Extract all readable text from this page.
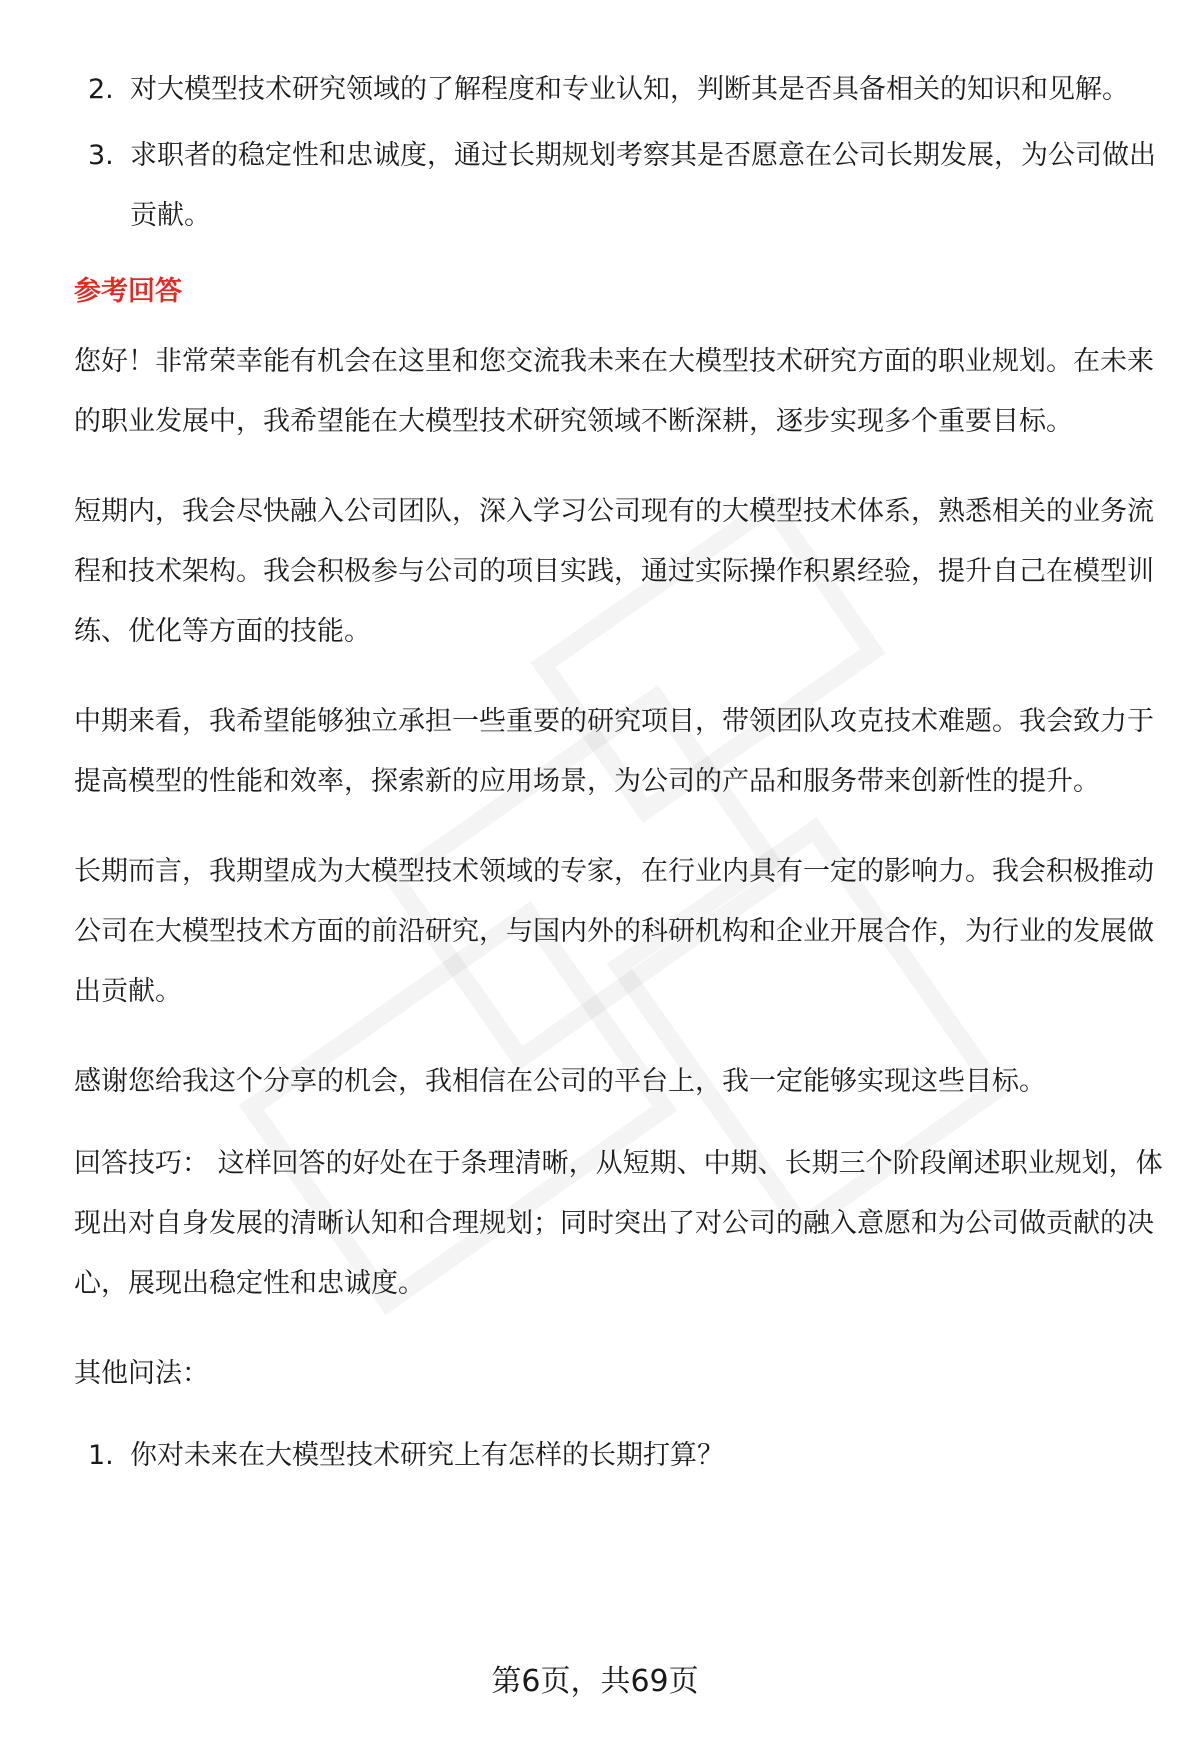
2. 对大模型技术研究领域的了解程度和专业认知，判断其是否具备相关的知识和见解。
3. 求职者的稳定性和忠诚度，通过长期规划考察其是否愿意在公司长期发展，为公司做出贡献。
参考回答

您好！非常荣幸能有机会在这里和您交流我未来在大模型技术研究方面的职业规划。在未来的职业发展中，我希望能在大模型技术研究领域不断深耕，逐步实现多个重要目标。

短期内，我会尽快融入公司团队，深入学习公司现有的大模型技术体系，熟悉相关的业务流程和技术架构。我会积极参与公司的项目实践，通过实际操作积累经验，提升自己在模型训练、优化等方面的技能。

中期来看，我希望能够独立承担一些重要的研究项目，带领团队攻克技术难题。我会致力于提高模型的性能和效率，探索新的应用场景，为公司的产品和服务带来创新性的提升。

长期而言，我期望成为大模型技术领域的专家，在行业内具有一定的影响力。我会积极推动公司在大模型技术方面的前沿研究，与国内外的科研机构和企业开展合作，为行业的发展做出贡献。

感谢您给我这个分享的机会，我相信在公司的平台上，我一定能够实现这些目标。

回答技巧： 这样回答的好处在于条理清晰，从短期、中期、长期三个阶段阐述职业规划，体现出对自身发展的清晰认知和合理规划；同时突出了对公司的融入意愿和为公司做贡献的决心，展现出稳定性和忠诚度。

其他问法：

1. 你对未来在大模型技术研究上有怎样的长期打算？
第6页，共69页
